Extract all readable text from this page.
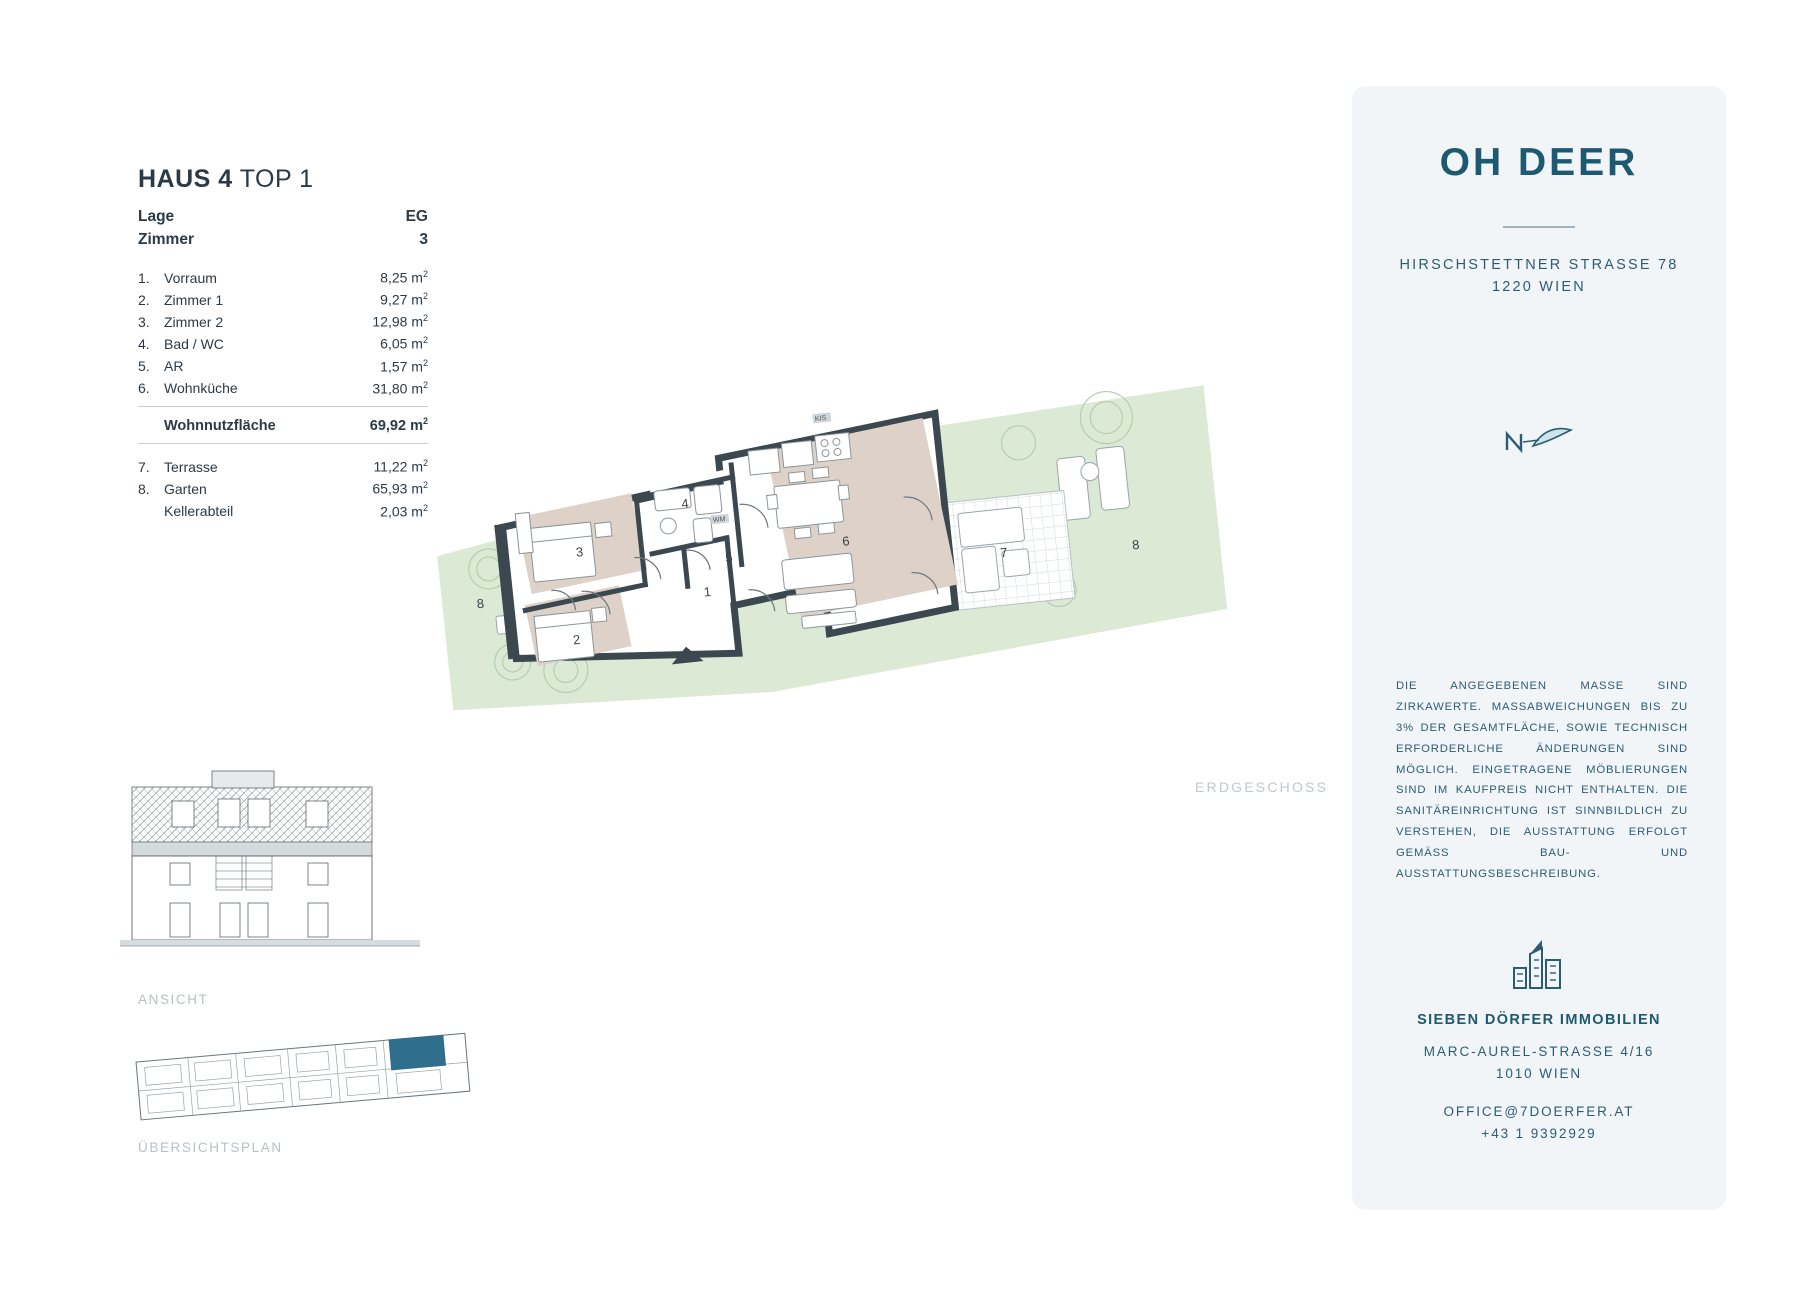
HAUS 4 TOP 1
Lage	EG
Zimmer	3
1.	Vorraum	8,25 $m^2$
2.	Zimmer 1	9,27 $m^2$
3.	Zimmer 2	12,98 $m^2$
4.	Bad / WC	6,05 $m^2$
5.	AR	1,57 $m^2$
6.	Wohnküche	31,80 $m^2$
Wohnnutzfläche	69,92 $m^2$
7.	Terrasse	11,22 $m^2$
8.	Garten	65,93 $m^2$
Kellerabteil	2,03 $m^2$
ANSICHT
ÜBERSICHTSPLAN
WM
KIS
1
2
3
4
5
6
7
8
8
ERDGESCHOSS
OH DEER
HIRSCHSTETTNER STRASSE 78
1220 WIEN
DIE ANGEGEBENEN MASSE SIND ZIRKAWERTE. MASSABWEICHUNGEN BIS ZU 3% DER GESAMTFLÄCHE, SOWIE TECHNISCH ERFORDERLICHE ÄNDERUNGEN SIND MÖGLICH. EINGETRAGENE MÖBLIERUNGEN SIND IM KAUFPREIS NICHT ENTHALTEN. DIE SANITÄREINRICHTUNG IST SINNBILDLICH ZU VERSTEHEN, DIE AUSSTATTUNG ERFOLGT GEMÄSS BAU- UND AUSSTATTUNGSBESCHREIBUNG.
SIEBEN DÖRFER IMMOBILIEN
MARC-AUREL-STRASSE 4/16
1010 WIEN
OFFICE@7DOERFER.AT
+43 1 9392929
